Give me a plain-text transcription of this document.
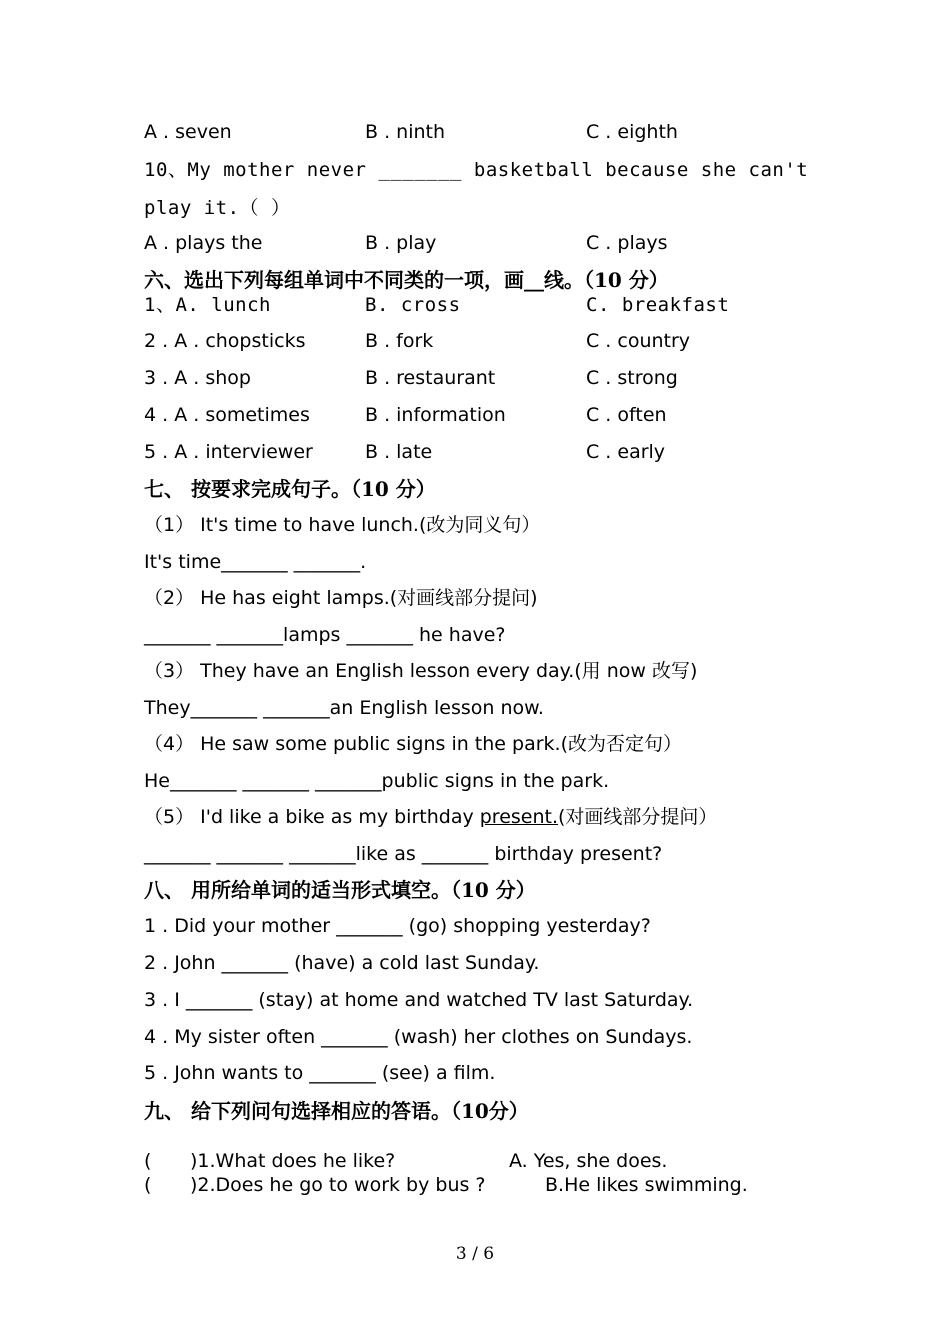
A . seven	B . ninth	C . eighth
10、My mother never _______ basketball because she can't
play it.（ ）
A . plays the	B . play	C . plays
六、选出下列每组单词中不同类的一项，画__线。（10 分）
1、A. lunch	B. cross	C. breakfast
2 . A . chopsticks	B . fork	C . country
3 . A . shop	B . restaurant	C . strong
4 . A . sometimes	B . information	C . often
5 . A . interviewer	B . late	C . early
七、 按要求完成句子。（10 分）
（1） It's time to have lunch.(改为同义句）
It's time_______ _______.
（2） He has eight lamps.(对画线部分提问)
_______ _______lamps _______ he have?
（3） They have an English lesson every day.(用 now 改写)
They_______ _______an English lesson now.
（4） He saw some public signs in the park.(改为否定句）
He_______ _______ _______public signs in the park.
（5） I'd like a bike as my birthday present.(对画线部分提问）
_______ _______ _______like as _______ birthday present?
八、 用所给单词的适当形式填空。（10 分）
1 . Did your mother _______ (go) shopping yesterday?
2 . John _______ (have) a cold last Sunday.
3 . I _______ (stay) at home and watched TV last Saturday.
4 . My sister often _______ (wash) her clothes on Sundays.
5 . John wants to _______ (see) a film.
九、 给下列问句选择相应的答语。（10分）
( )1.What does he like?	A. Yes, she does.
( )2.Does he go to work by bus ?	B.He likes swimming.
3 / 6
